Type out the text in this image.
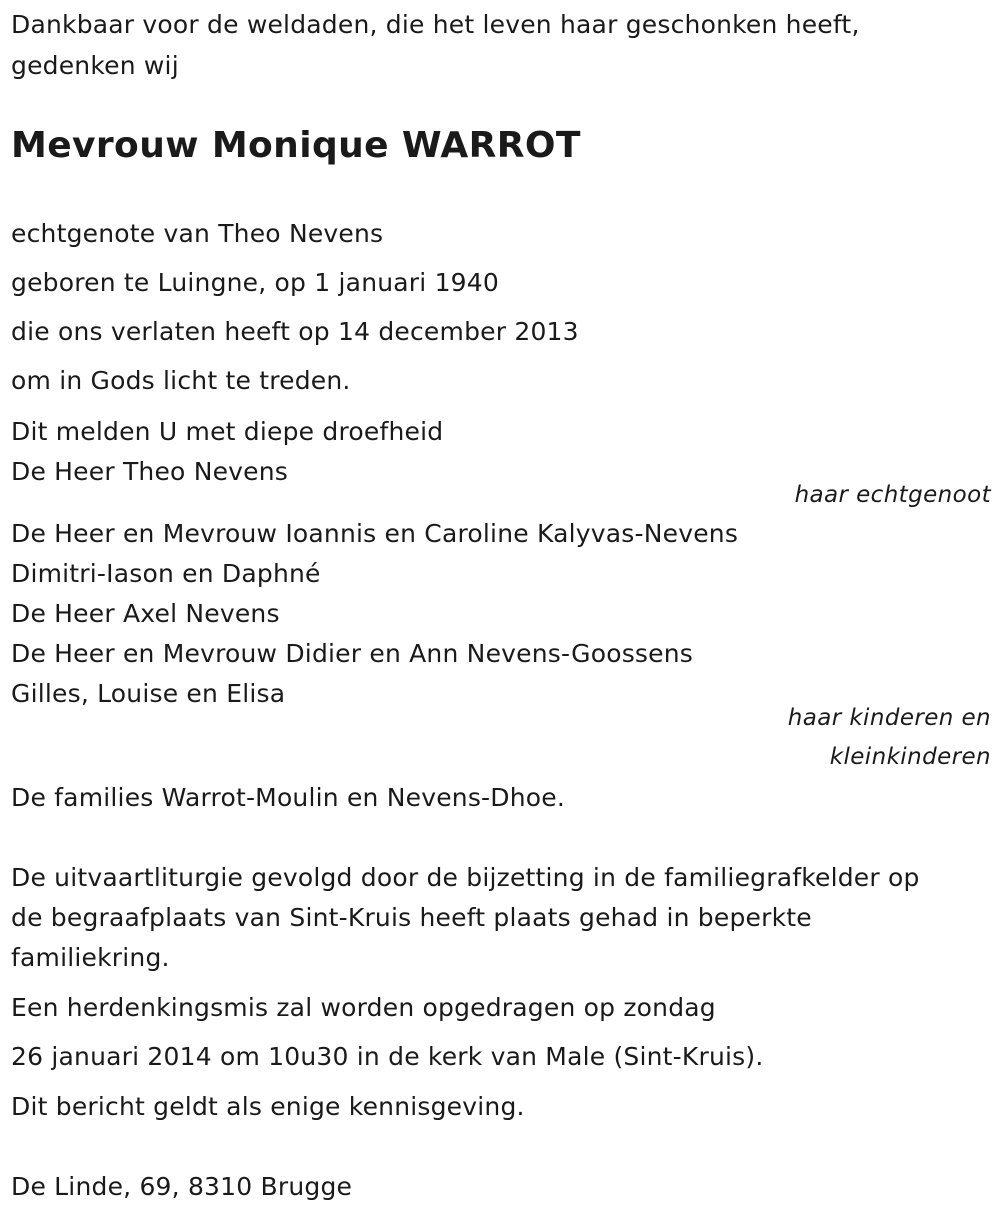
Dankbaar voor de weldaden, die het leven haar geschonken heeft,
gedenken wij
Mevrouw Monique WARROT
echtgenote van Theo Nevens
geboren te Luingne, op 1 januari 1940
die ons verlaten heeft op 14 december 2013
om in Gods licht te treden.
Dit melden U met diepe droefheid
De Heer Theo Nevens
haar echtgenoot
De Heer en Mevrouw Ioannis en Caroline Kalyvas-Nevens
Dimitri-Iason en Daphné
De Heer Axel Nevens
De Heer en Mevrouw Didier en Ann Nevens-Goossens
Gilles, Louise en Elisa
haar kinderen en
kleinkinderen
De families Warrot-Moulin en Nevens-Dhoe.
De uitvaartliturgie gevolgd door de bijzetting in de familiegrafkelder op
de begraafplaats van Sint-Kruis heeft plaats gehad in beperkte
familiekring.
Een herdenkingsmis zal worden opgedragen op zondag
26 januari 2014 om 10u30 in de kerk van Male (Sint-Kruis).
Dit bericht geldt als enige kennisgeving.
De Linde, 69, 8310 Brugge
